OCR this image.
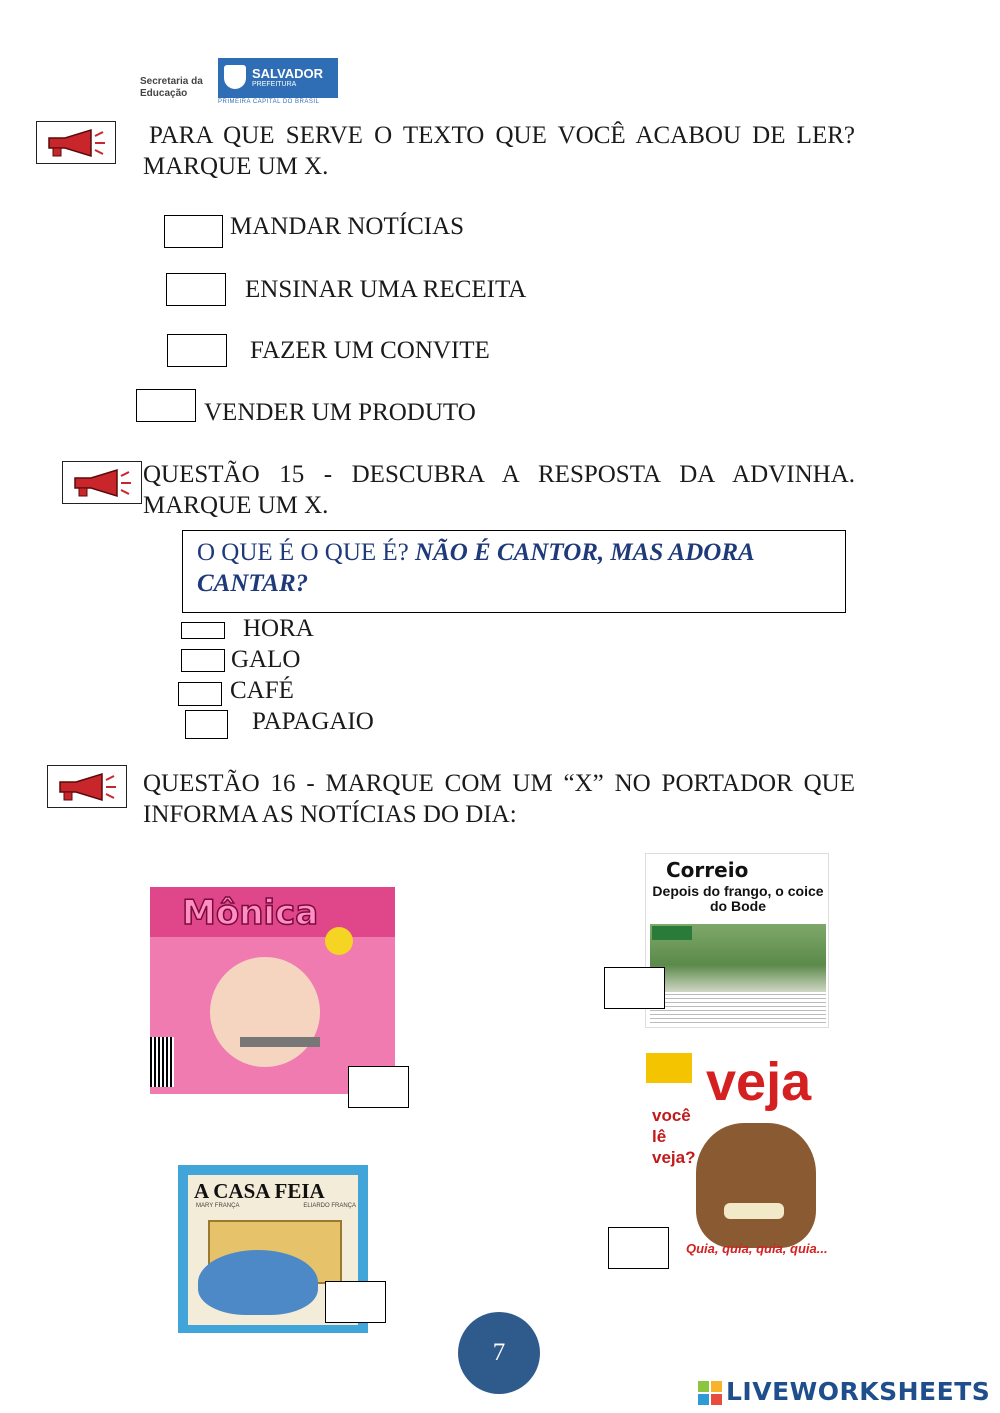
Secretaria da Educação
SALVADOR
PREFEITURA
PRIMEIRA CAPITAL DO BRASIL
PARA QUE SERVE O TEXTO QUE VOCÊ ACABOU DE LER? MARQUE UM X.
MANDAR NOTÍCIAS
ENSINAR UMA RECEITA
FAZER UM CONVITE
VENDER UM PRODUTO
QUESTÃO 15 - DESCUBRA A RESPOSTA DA ADVINHA. MARQUE UM X.
O QUE É O QUE É? NÃO É CANTOR, MAS ADORA CANTAR?
HORA
GALO
CAFÉ
PAPAGAIO
QUESTÃO 16 - MARQUE COM UM “X” NO PORTADOR QUE INFORMA AS NOTÍCIAS DO DIA:
Mônica
Correio
Depois do frango, o coice do Bode
veja
você lê veja?
Quia, quia, quia, quia...
A CASA FEIA
MARY FRANÇA	ELIARDO FRANÇA
7
LIVEWORKSHEETS
